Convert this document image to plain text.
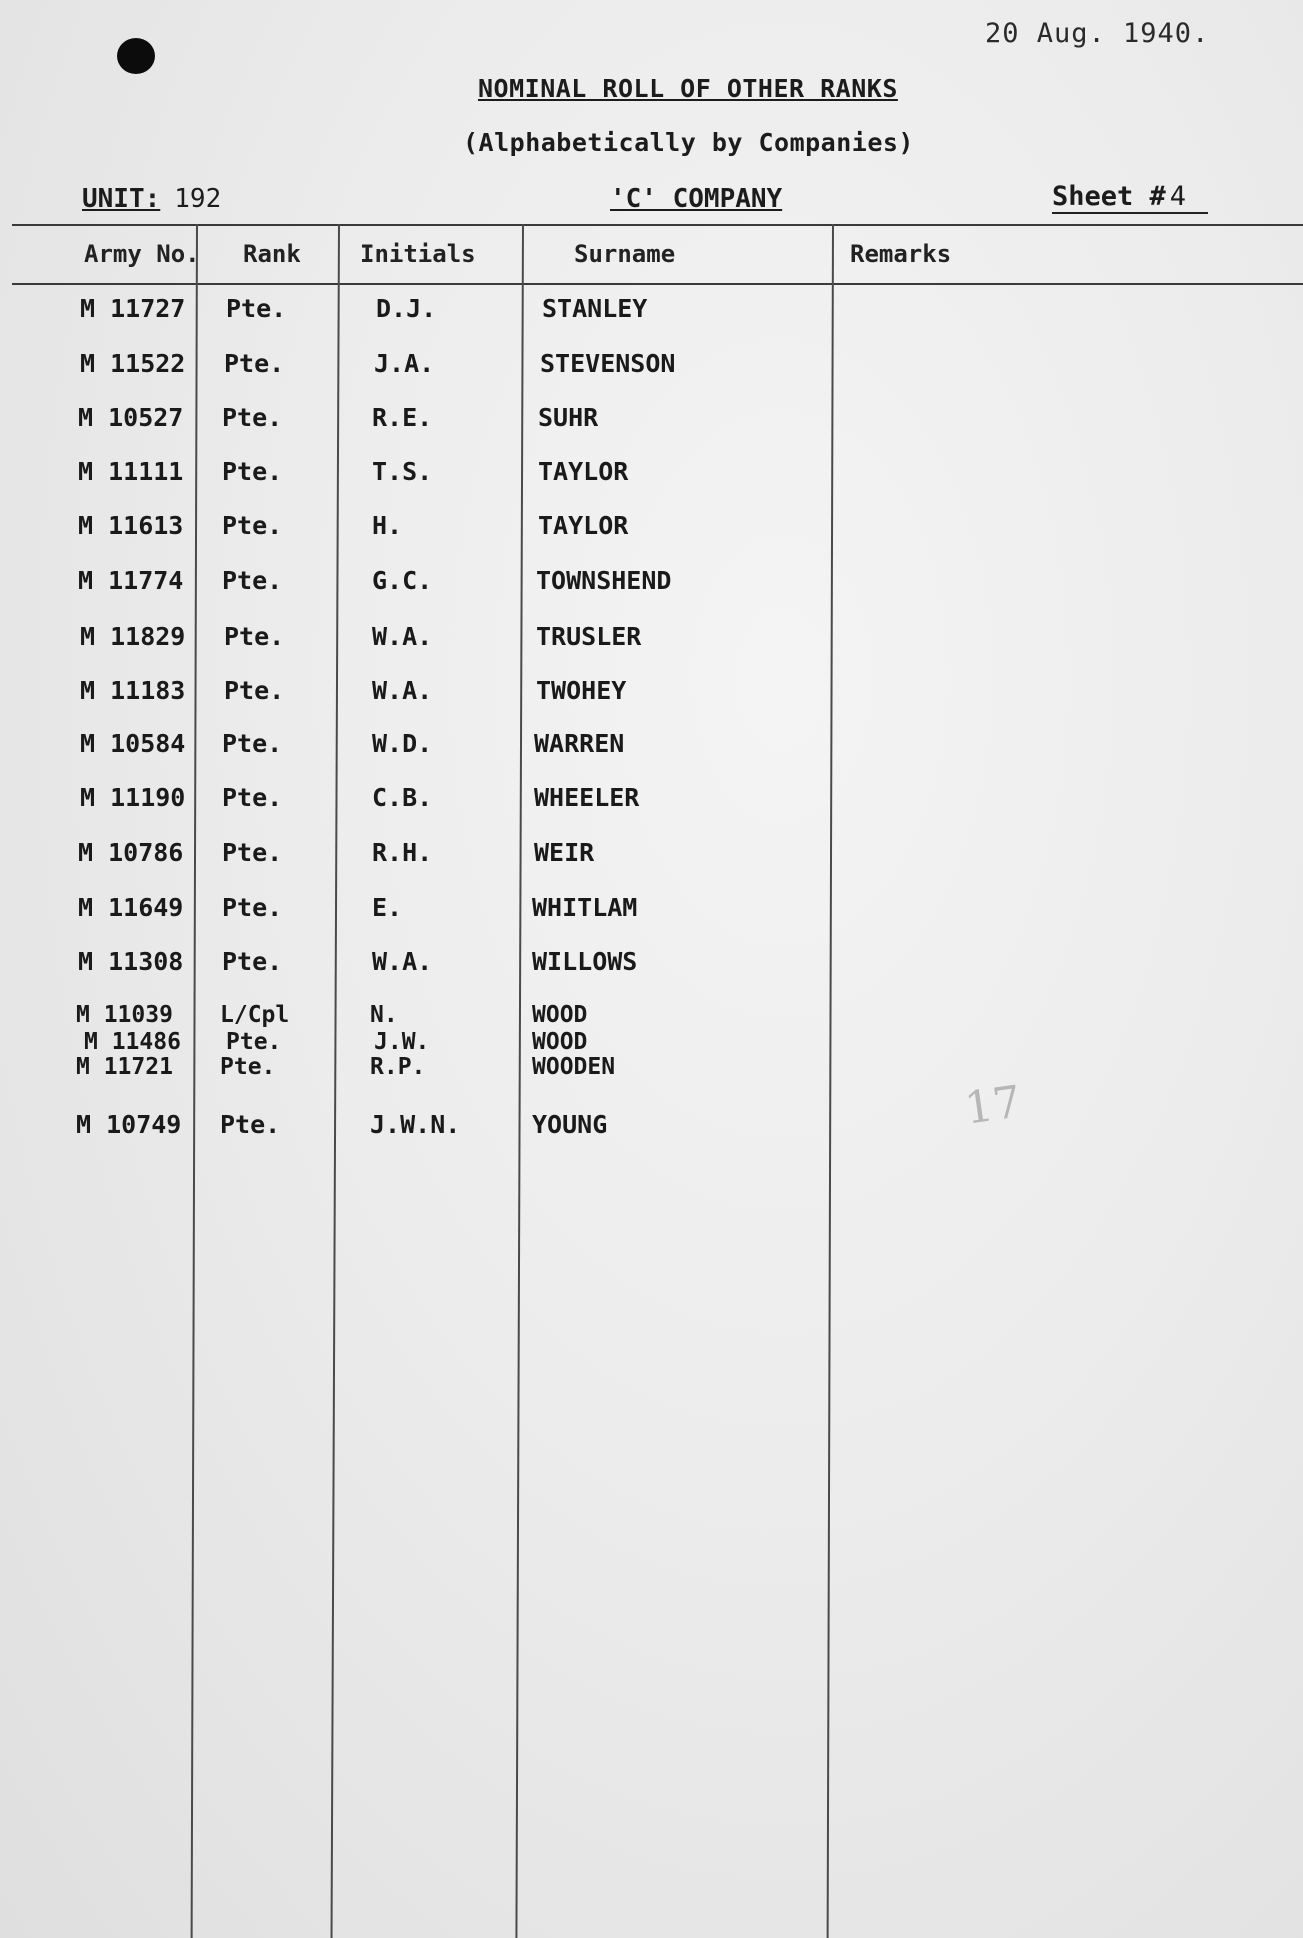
20 Aug. 1940.
NOMINAL ROLL OF OTHER RANKS
(Alphabetically by Companies)
UNIT: 192	'C' COMPANY	Sheet # 4
Army No. Rank Initials	Surname	Remarks
M 11727 Pte.	D.J.	STANLEY
M 11522 Pte.	J.A.	STEVENSON
M 10527 Pte.	R.E.	SUHR
M 11111 Pte.	T.S.	TAYLOR
M 11613 Pte.	H.	TAYLOR
M 11774 Pte.	G.C.	TOWNSHEND
M 11829 Pte.	W.A.	TRUSLER
M 11183 Pte.	W.A.	TWOHEY
M 10584 Pte.	W.D.	WARREN
M 11190 Pte.	C.B.	WHEELER
M 10786 Pte.	R.H.	WEIR
M 11649 Pte.	E.	WHITLAM
M 11308 Pte.	W.A.	WILLOWS
M 11039 L/Cpl	N.	WOOD
M 11486 Pte.	J.W.	WOOD
M 11721 Pte.	R.P.	WOODEN
M 10749 Pte.	J.W.N.	YOUNG	17
